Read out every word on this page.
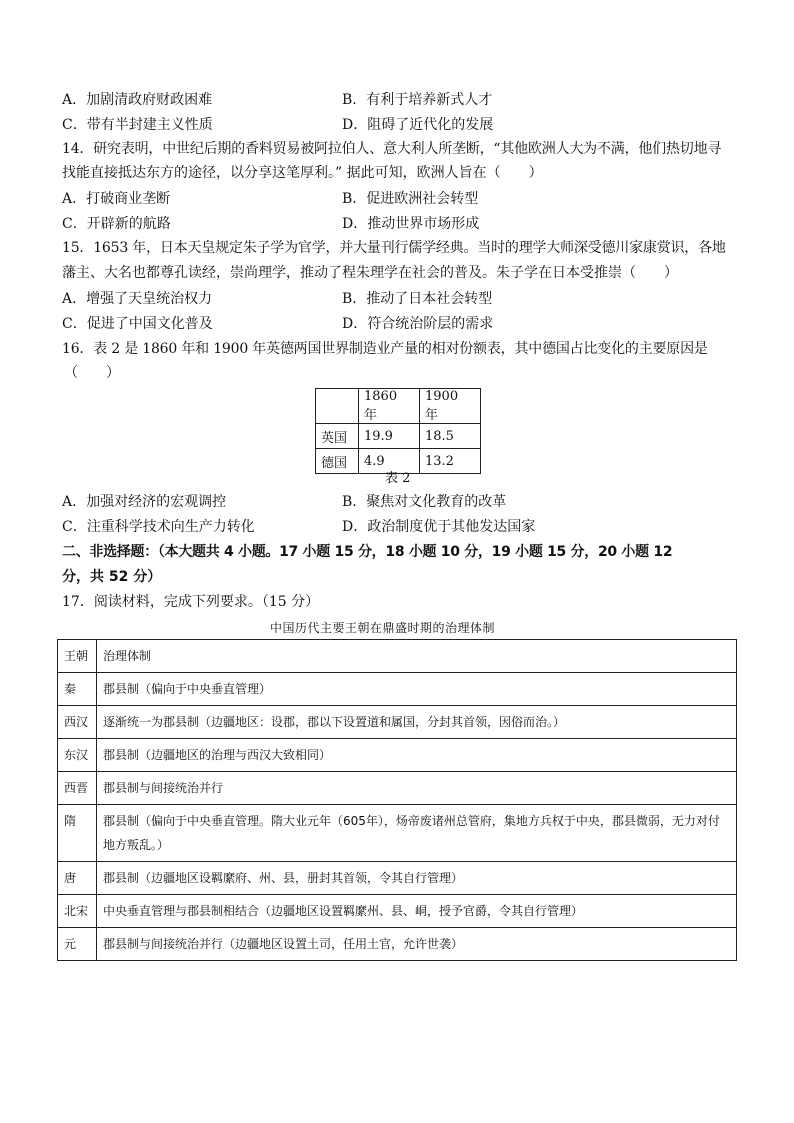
A．加剧清政府财政困难	B．有利于培养新式人才
C．带有半封建主义性质	D．阻碍了近代化的发展
14．研究表明，中世纪后期的香料贸易被阿拉伯人、意大利人所垄断，“其他欧洲人大为不满，他们热切地寻
找能直接抵达东方的途径，以分享这笔厚利。” 据此可知，欧洲人旨在（　　）
A．打破商业垄断	B．促进欧洲社会转型
C．开辟新的航路	D．推动世界市场形成
15．1653 年，日本天皇规定朱子学为官学，并大量刊行儒学经典。当时的理学大师深受德川家康赏识，各地
藩主、大名也都尊孔读经，崇尚理学，推动了程朱理学在社会的普及。朱子学在日本受推崇（　　）
A．增强了天皇统治权力	B．推动了日本社会转型
C．促进了中国文化普及	D．符合统治阶层的需求
16．表 2 是 1860 年和 1900 年英德两国世界制造业产量的相对份额表，其中德国占比变化的主要原因是
（　　）
	1860 年	1900 年
英国	19.9	18.5
德国	4.9	13.2
表 2
A．加强对经济的宏观调控	B．聚焦对文化教育的改革
C．注重科学技术向生产力转化	D．政治制度优于其他发达国家
二、非选择题：（本大题共 4 小题。17 小题 15 分，18 小题 10 分，19 小题 15 分，20 小题 12
分，共 52 分）
17．阅读材料，完成下列要求。（15 分）
中国历代主要王朝在鼎盛时期的治理体制
王朝	治理体制
秦	郡县制（偏向于中央垂直管理）
西汉	逐渐统一为郡县制（边疆地区：设郡，郡以下设置道和属国，分封其首领，因俗而治。）
东汉	郡县制（边疆地区的治理与西汉大致相同）
西晋	郡县制与间接统治并行
隋	郡县制（偏向于中央垂直管理。隋大业元年（605年），炀帝废诸州总管府，集地方兵权于中央，郡县微弱，无力对付地方叛乱。）
唐	郡县制（边疆地区设羁縻府、州、县，册封其首领，令其自行管理）
北宋	中央垂直管理与郡县制相结合（边疆地区设置羁縻州、县、峒，授予官爵，令其自行管理）
元	郡县制与间接统治并行（边疆地区设置土司，任用土官，允许世袭）
